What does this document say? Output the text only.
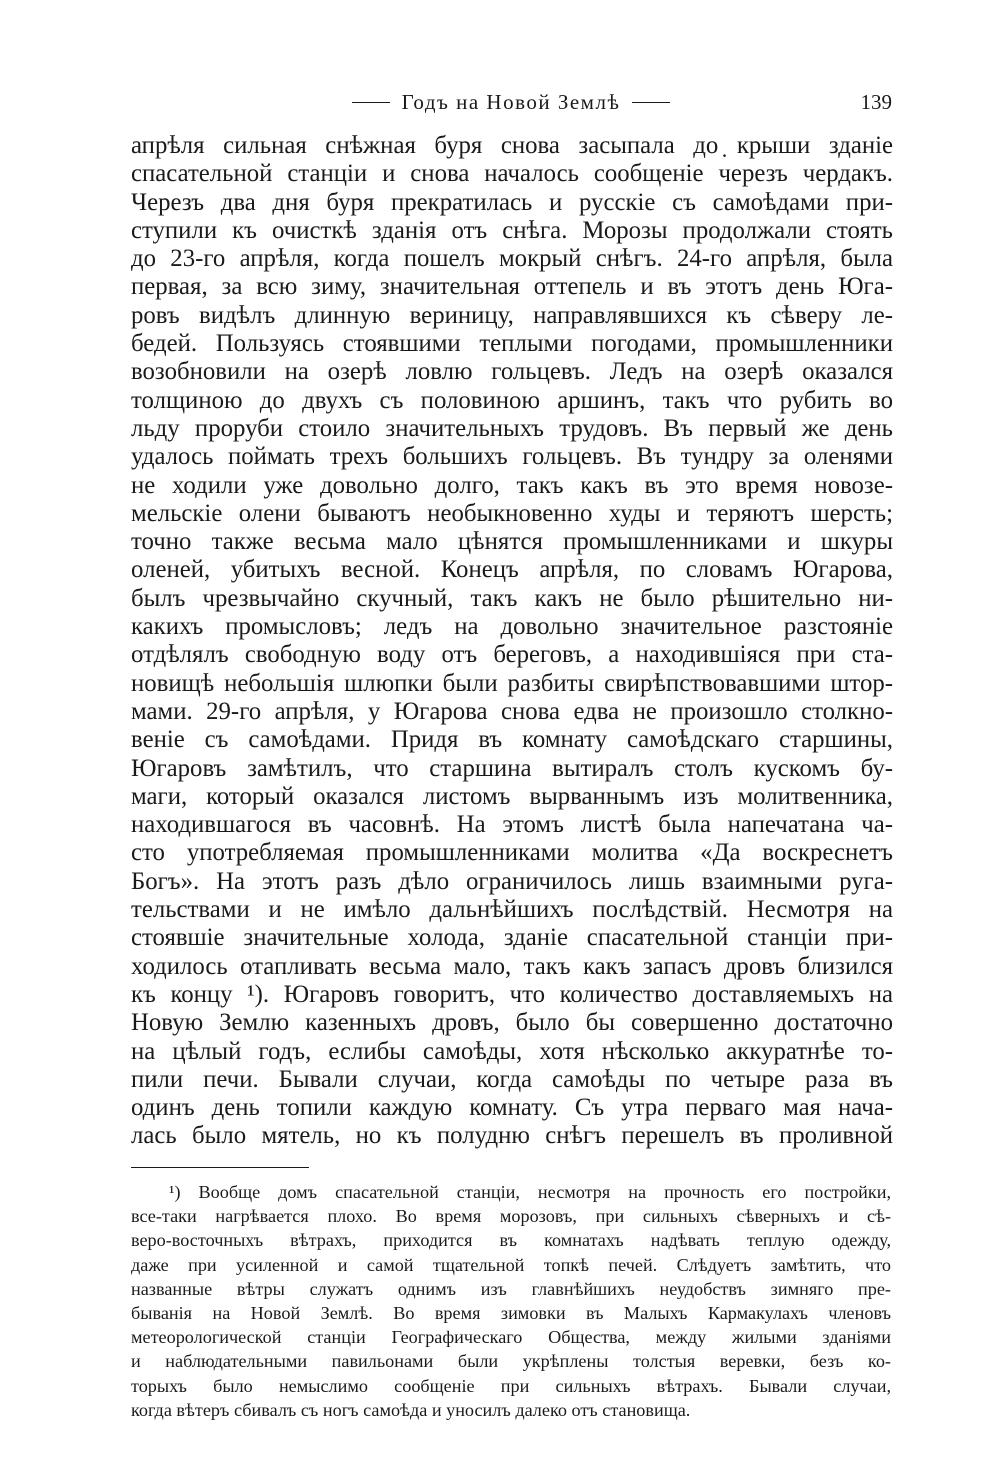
Годъ на Новой Землѣ	139
апрѣля сильная снѣжная буря снова засыпала до ̣крыши зданіе
спасательной станціи и снова началось сообщеніе черезъ чердакъ.
Черезъ два дня буря прекратилась и русскіе съ самоѣдами при-
ступили къ очисткѣ зданія отъ снѣга. Морозы продолжали стоять
до 23-го апрѣля, когда пошелъ мокрый снѣгъ. 24-го апрѣля, была
первая, за всю зиму, значительная оттепель и въ этотъ день Юга-
ровъ видѣлъ длинную вериницу, направлявшихся къ сѣверу ле-
бедей. Пользуясь стоявшими теплыми погодами, промышленники
возобновили на озерѣ ловлю гольцевъ. Ледъ на озерѣ оказался
толщиною до двухъ съ половиною аршинъ, такъ что рубить во
льду проруби стоило значительныхъ трудовъ. Въ первый же день
удалось поймать трехъ большихъ гольцевъ. Въ тундру за оленями
не ходили уже довольно долго, такъ какъ въ это время новозе-
мельскіе олени бываютъ необыкновенно худы и теряютъ шерсть;
точно также весьма мало цѣнятся промышленниками и шкуры
оленей, убитыхъ весной. Конецъ апрѣля, по словамъ Югарова,
былъ чрезвычайно скучный, такъ какъ не было рѣшительно ни-
какихъ промысловъ; ледъ на довольно значительное разстояніе
отдѣлялъ свободную воду отъ береговъ, а находившіяся при ста-
новищѣ небольшія шлюпки были разбиты свирѣпствовавшими штор-
мами. 29-го апрѣля, у Югарова снова едва не произошло столкно-
веніе съ самоѣдами. Придя въ комнату самоѣдскаго старшины,
Югаровъ замѣтилъ, что старшина вытиралъ столъ кускомъ бу-
маги, который оказался листомъ вырваннымъ изъ молитвенника,
находившагося въ часовнѣ. На этомъ листѣ была напечатана ча-
сто употребляемая промышленниками молитва «Да воскреснетъ
Богъ». На этотъ разъ дѣло ограничилось лишь взаимными руга-
тельствами и не имѣло дальнѣйшихъ послѣдствій. Несмотря на
стоявшіе значительные холода, зданіе спасательной станціи при-
ходилось отапливать весьма мало, такъ какъ запасъ дровъ близился
къ концу ¹). Югаровъ говоритъ, что количество доставляемыхъ на
Новую Землю казенныхъ дровъ, было бы совершенно достаточно
на цѣлый годъ, еслибы самоѣды, хотя нѣсколько аккуратнѣе то-
пили печи. Бывали случаи, когда самоѣды по четыре раза въ
одинъ день топили каждую комнату. Съ утра перваго мая нача-
лась было мятель, но къ полудню снѣгъ перешелъ въ проливной
¹) Вообще домъ спасательной станціи, несмотря на прочность его постройки,
все-таки нагрѣвается плохо. Во время морозовъ, при сильныхъ сѣверныхъ и сѣ-
веро-восточныхъ вѣтрахъ, приходится въ комнатахъ надѣвать теплую одежду,
даже при усиленной и самой тщательной топкѣ печей. Слѣдуетъ замѣтить, что
названные вѣтры служатъ однимъ изъ главнѣйшихъ неудобствъ зимняго пре-
быванія на Новой Землѣ. Во время зимовки въ Малыхъ Кармакулахъ членовъ
метеорологической станціи Географическаго Общества, между жилыми зданіями
и наблюдательными павильонами были укрѣплены толстыя веревки, безъ ко-
торыхъ было немыслимо сообщеніе при сильныхъ вѣтрахъ. Бывали случаи,
когда вѣтеръ сбивалъ съ ногъ самоѣда и уносилъ далеко отъ становища.
